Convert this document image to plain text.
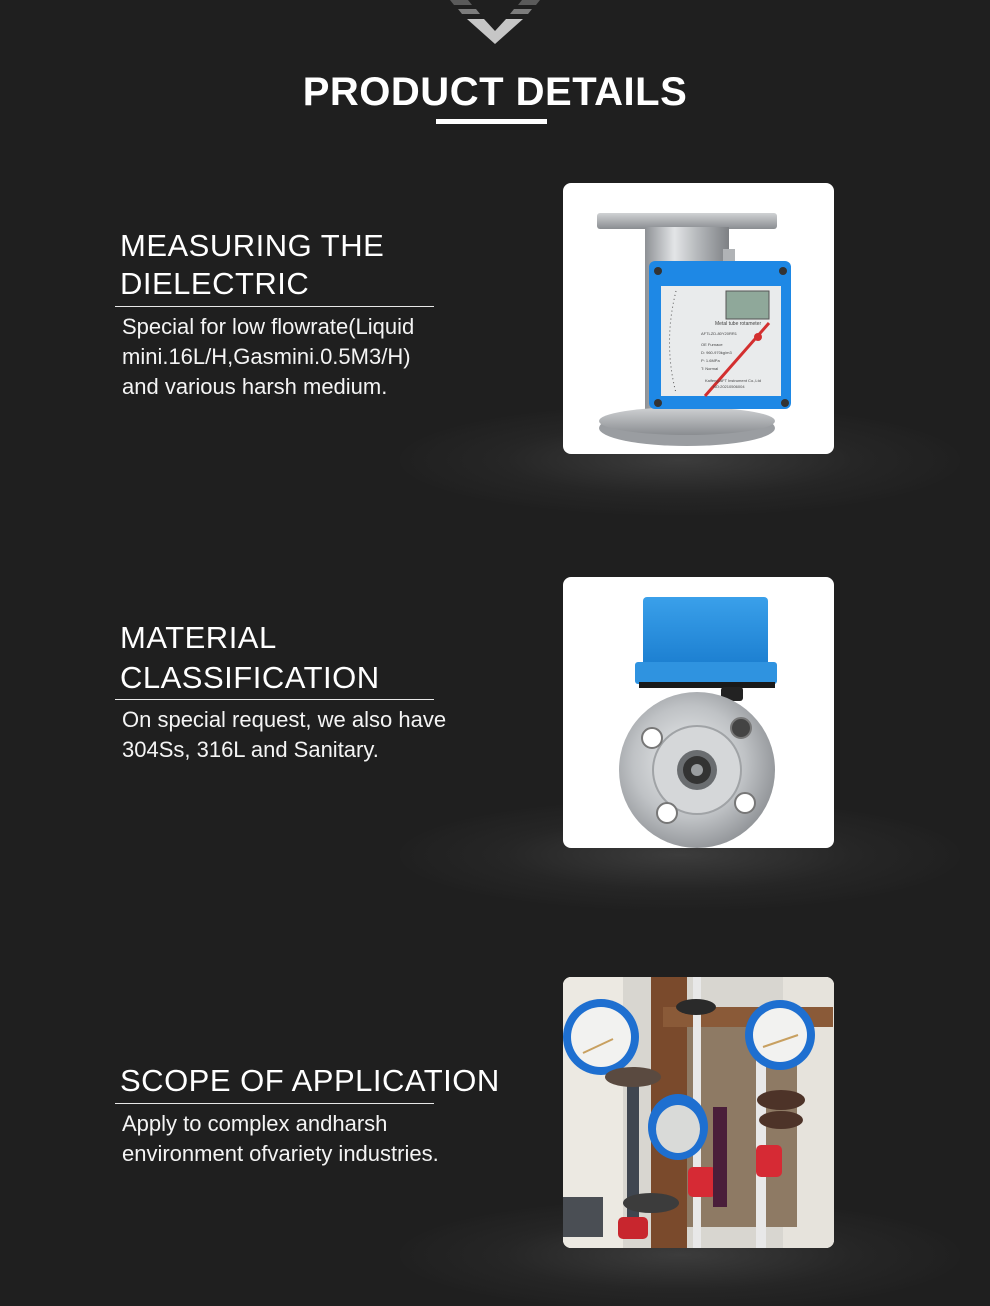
PRODUCT DETAILS
MEASURING THE
DIELECTRIC
Special for low flowrate(Liquid
mini.16L/H,Gasmini.0.5M3/H)
and various harsh medium.
Metal tube rotameter
AFTLZD-80Y20RR1
OE Furnace
D: 960-970kg/m3
P: 1.6MPa
T: Normal
Kaifeng AFT Instrument Co.,Ltd
NO:20210506004
MATERIAL
CLASSIFICATION
On special request, we also have
304Ss, 316L and Sanitary.
SCOPE OF APPLICATION
Apply to complex andharsh
environment ofvariety industries.
